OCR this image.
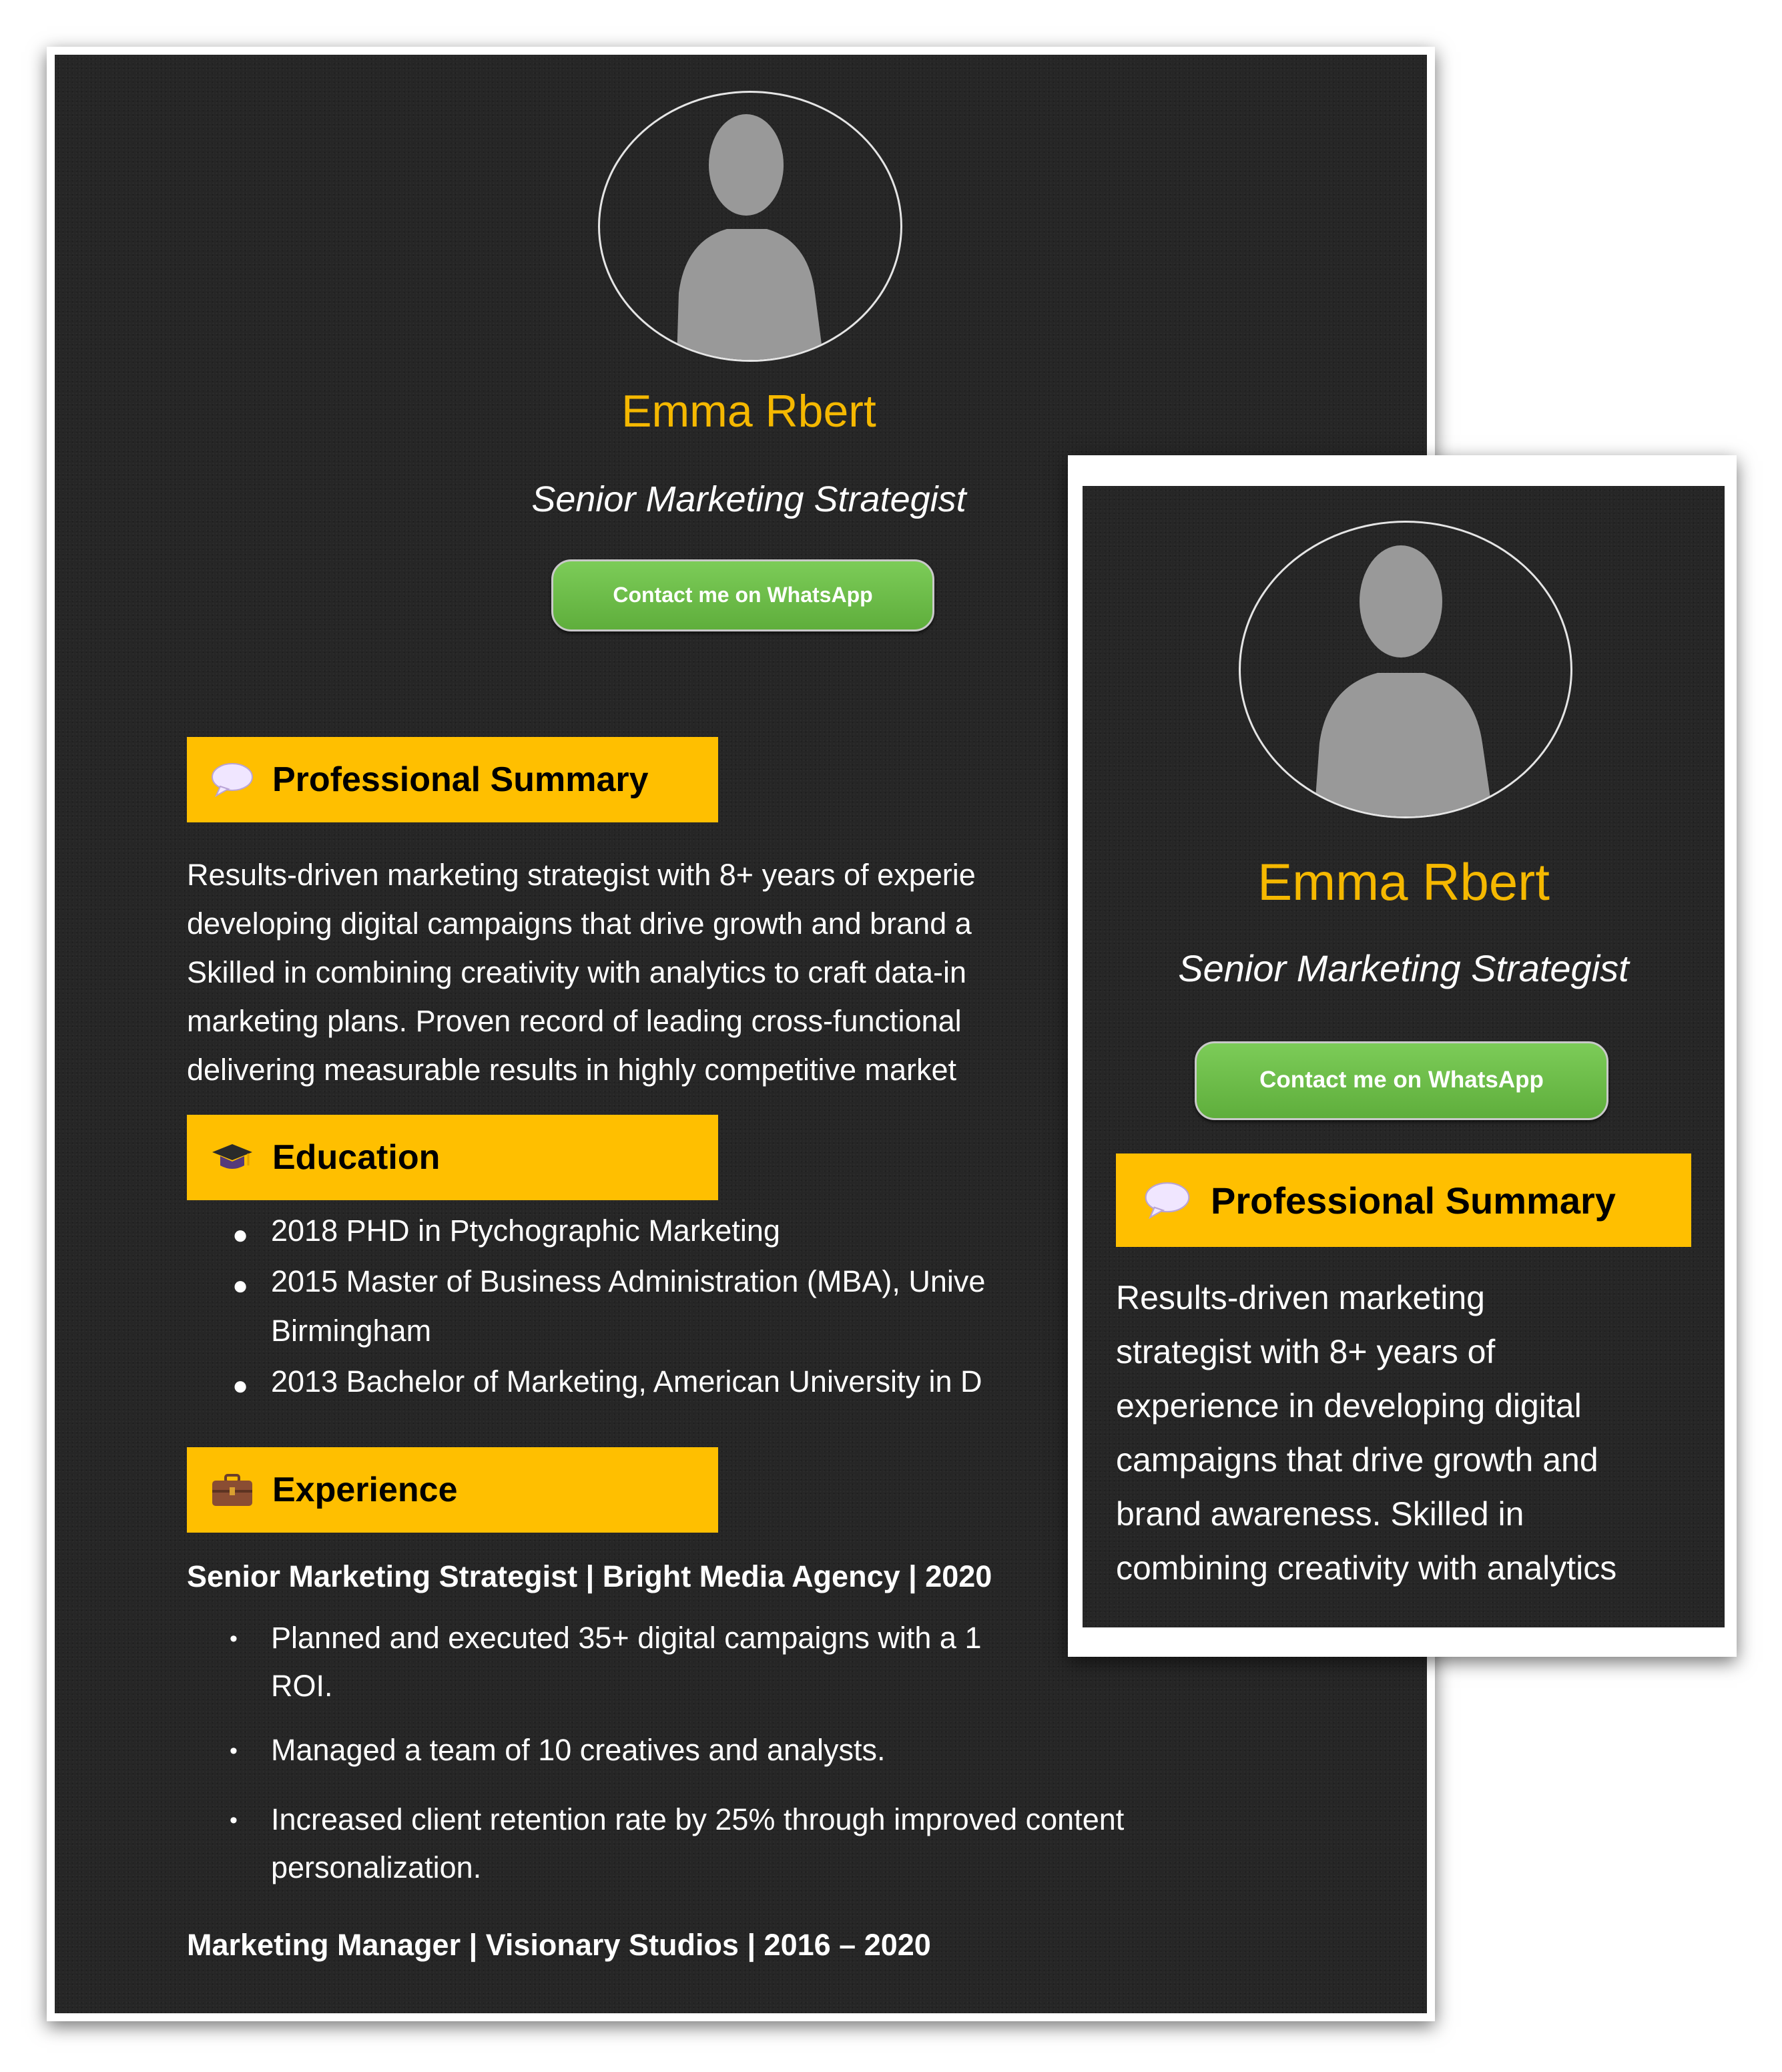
Emma Rbert
Senior Marketing Strategist
Contact me on WhatsApp
Professional Summary
Results-driven marketing strategist with 8+ years of experie
developing digital campaigns that drive growth and brand a
Skilled in combining creativity with analytics to craft data-in
marketing plans. Proven record of leading cross-functional
delivering measurable results in highly competitive market
Education
● 2018 PHD in Ptychographic Marketing
● 2015 Master of Business Administration (MBA), Unive
Birmingham
● 2013 Bachelor of Marketing, American University in D
Experience
Senior Marketing Strategist | Bright Media Agency | 2020
• Planned and executed 35+ digital campaigns with a 1
ROI.
• Managed a team of 10 creatives and analysts.
• Increased client retention rate by 25% through improved content
personalization.
Marketing Manager | Visionary Studios | 2016 – 2020
Emma Rbert
Senior Marketing Strategist
Contact me on WhatsApp
Professional Summary
Results-driven marketing
strategist with 8+ years of
experience in developing digital
campaigns that drive growth and
brand awareness. Skilled in
combining creativity with analytics
